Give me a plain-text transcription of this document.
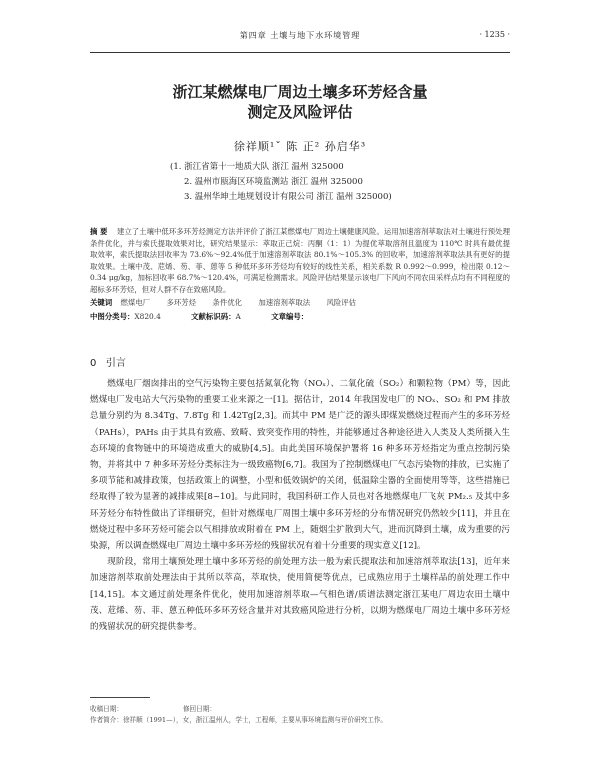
第四章 土壤与地下水环境管理	· 1235 ·
浙江某燃煤电厂周边土壤多环芳烃含量
测定及风险评估
徐祥顺¹ˇ 陈 正² 孙启华³
(1. 浙江省第十一地质大队 浙江 温州 325000
2. 温州市瓯海区环境监测站 浙江 温州 325000
3. 温州华坤土地规划设计有限公司 浙江 温州 325000)
摘 要 建立了土壤中低环多环芳烃测定方法并评价了浙江某燃煤电厂周边土壤健康风险。运用加速溶剂萃取法对土壤进行预处理条件优化，并与索氏提取效果对比，研究结果显示：萃取正己烷：丙酮（1：1）为提优萃取溶剂且温度为 110℃ 时具有最优提取效率，索氏提取法回收率为 73.6%～92.4%低于加速溶剂萃取法 80.1%～105.3% 的回收率，加速溶剂萃取法具有更好的提取效果。土壤中茂、苊烯、芴、菲、蒽等 5 种低环多环芳烃均有较好的线性关系，相关系数 R 0.992～0.999，检出限 0.12～0.34 μg/kg，加标回收率 68.7%～120.4%，可满足检测需求。风险评估结果显示该电厂下风向不同农田采样点均有不同程度的超标多环芳烃，但对人群不存在致癌风险。
关键词 燃煤电厂 多环芳烃 条件优化 加速溶剂萃取法 风险评估
中图分类号：X820.4	文献标识码：A	文章编号：
0 引言

燃煤电厂烟囱排出的空气污染物主要包括氮氧化物（NOₓ）、二氧化硫（SO₂）和颗粒物（PM）等，因此燃煤电厂发电站大气污染物的重要工业来源之一[1]。据估计，2014 年我国发电厂的 NOₓ、SO₂ 和 PM 排放总量分别约为 8.34Tg、7.8Tg 和 1.42Tg[2,3]。而其中 PM 是广泛的源头即煤炭燃烧过程而产生的多环芳烃（PAHs），PAHs 由于其具有致癌、致畸、致突变作用的特性，并能够通过各种途径进入人类及人类所摄入生态环境的食物链中的环境造成重大的威胁[4,5]。由此美国环境保护署将 16 种多环芳烃指定为重点控制污染物，并将其中 7 种多环芳烃分类标注为一级致癌物[6,7]。我国为了控制燃煤电厂气态污染物的排放，已实施了多项节能和减排政策，包括政策上的调整，小型和低效锅炉的关闭，低温除尘器的全面使用等等，这些措施已经取得了较为显著的减排成果[8~10]。与此同时，我国科研工作人员也对各地燃煤电厂飞灰 PM₂.₅ 及其中多环芳烃分布特性做出了详细研究，但针对燃煤电厂周围土壤中多环芳烃的分布情况研究仍然较少[11]，并且在燃烧过程中多环芳烃可能会以气相排放或附着在 PM 上，随烟尘扩散到大气，进而沉降到土壤，成为重要的污染源，所以调查燃煤电厂周边土壤中多环芳烃的残留状况有着十分重要的现实意义[12]。

现阶段，常用土壤预处理土壤中多环芳烃的前处理方法一般为索氏提取法和加速溶剂萃取法[13]，近年来加速溶剂萃取前处理法由于其所以萃高，萃取快，使用简便等优点，已成熟应用于土壤样品的前处理工作中[14,15]。本文通过前处理条件优化，使用加速溶剂萃取—气相色谱/质谱法测定浙江某电厂周边农田土壤中茂、苊烯、芴、菲、蒽五种低环多环芳烃含量并对其致癌风险进行分析，以期为燃煤电厂周边土壤中多环芳烃的残留状况的研究提供参考。

收稿日期：	修回日期：
作者简介：徐祥顺（1991—），女，浙江温州人，学士，工程师，主要从事环境监测与评价研究工作。
